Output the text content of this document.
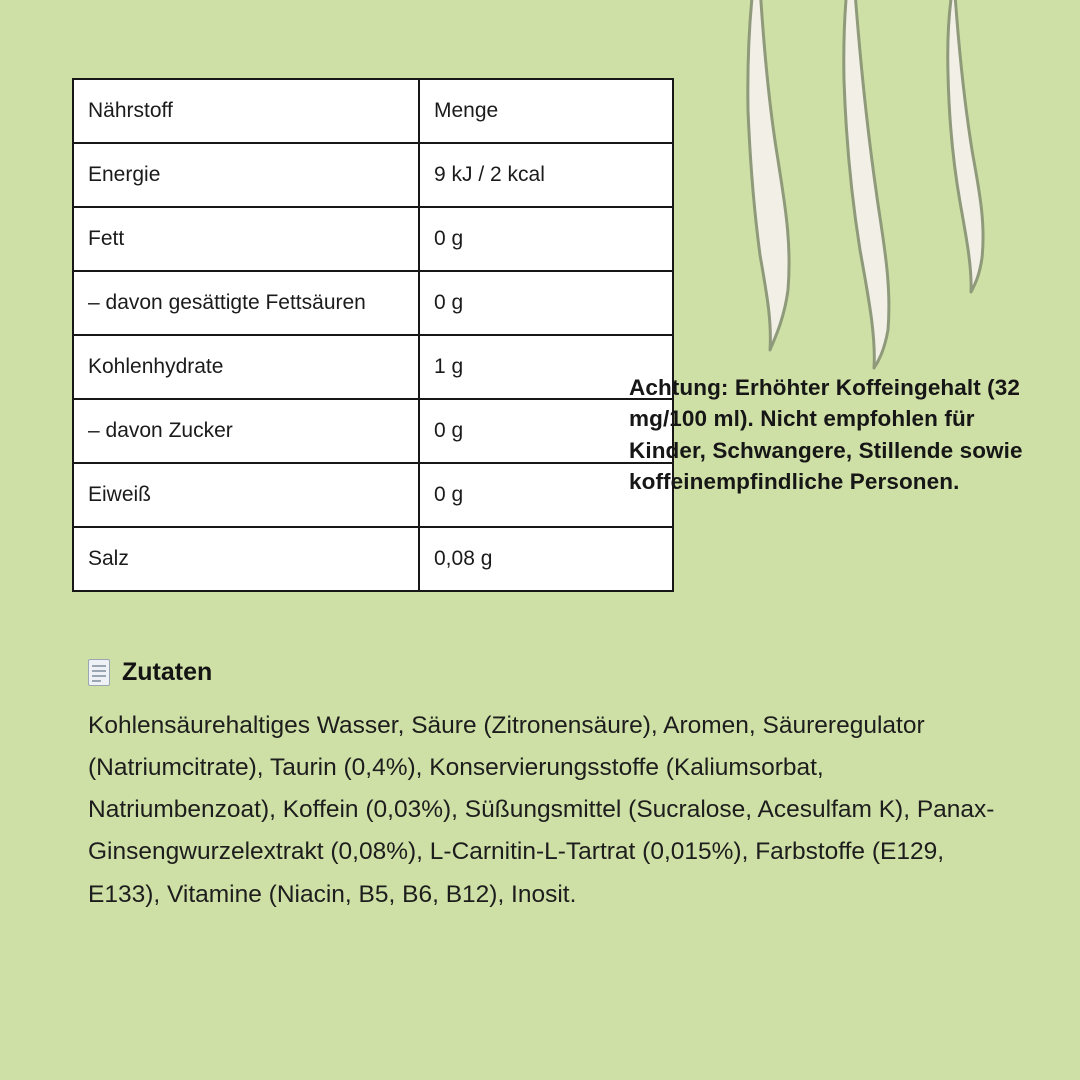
Nährstoff	Menge
Energie	9 kJ / 2 kcal
Fett	0 g
– davon gesättigte Fettsäuren	0 g
Kohlenhydrate	1 g
– davon Zucker	0 g
Eiweiß	0 g
Salz	0,08 g
Achtung: Erhöhter Koffeingehalt (32 mg/100 ml). Nicht empfohlen für Kinder, Schwangere, Stillende sowie koffeinempfindliche Personen.
Zutaten
Kohlensäurehaltiges Wasser, Säure (Zitronensäure), Aromen, Säureregulator (Natriumcitrate), Taurin (0,4%), Konservierungsstoffe (Kaliumsorbat, Natriumbenzoat), Koffein (0,03%), Süßungsmittel (Sucralose, Acesulfam K), Panax-Ginsengwurzelextrakt (0,08%), L-Carnitin-L-Tartrat (0,015%), Farbstoffe (E129, E133), Vitamine (Niacin, B5, B6, B12), Inosit.
